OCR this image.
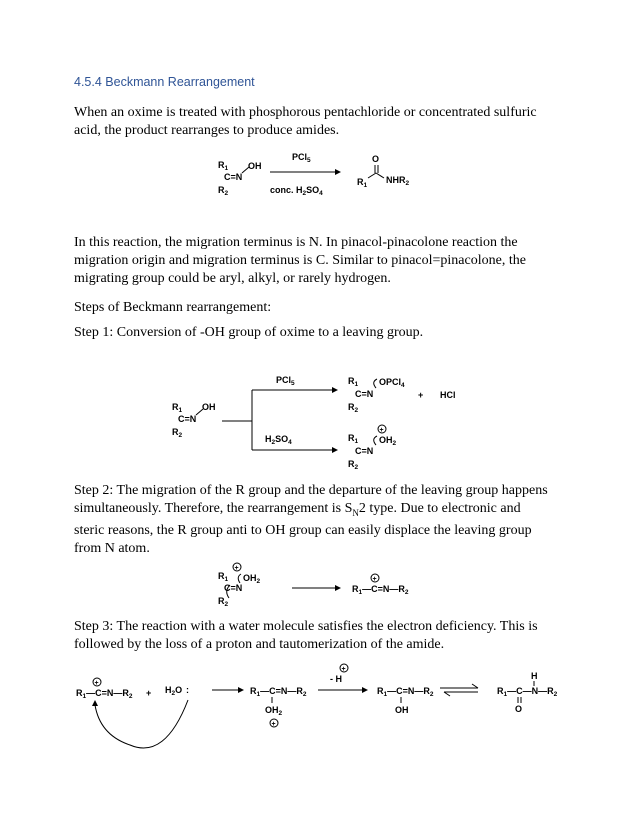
4.5.4 Beckmann Rearrangement
When an oxime is treated with phosphorous pentachloride or concentrated sulfuric acid, the product rearranges to produce amides.
$R_1$
C=N
OH
$R_2$
PCl$_5$
conc. $H_2SO_4$
O
$R_1$
$NHR_2$
In this reaction, the migration terminus is N. In pinacol-pinacolone reaction the migration origin and migration terminus is C. Similar to pinacol=pinacolone, the migrating group could be aryl, alkyl, or rarely hydrogen.
Steps of Beckmann rearrangement:
Step 1: Conversion of -OH group of oxime to a leaving group.
$R_1$
C=N
OH
$R_2$
PCl$_5$
$H_2SO_4$
$R_1$
C=N
OPCl$_4$
$R_2$
+ HCl
+
$R_1$
C=N
$OH_2$
$R_2$
Step 2: The migration of the R group and the departure of the leaving group happens simultaneously. Therefore, the rearrangement is $S_N2$ type. Due to electronic and steric reasons, the R group anti to OH group can easily displace the leaving group from N atom.
+
$R_1$
C=N
$OH_2$
$R_2$
+
$R_1—C=N—R_2$
Step 3: The reaction with a water molecule satisfies the electron deficiency. This is followed by the loss of a proton and tautomerization of the amide.
+
$R_1—C=N—R_2 + H_2O$ :	$R_1—C=N—R_2$
$OH_2$
+
+
- H
$R_1—C=N—R_2$
OH
$R_1—C—N—R_2$
H
O
